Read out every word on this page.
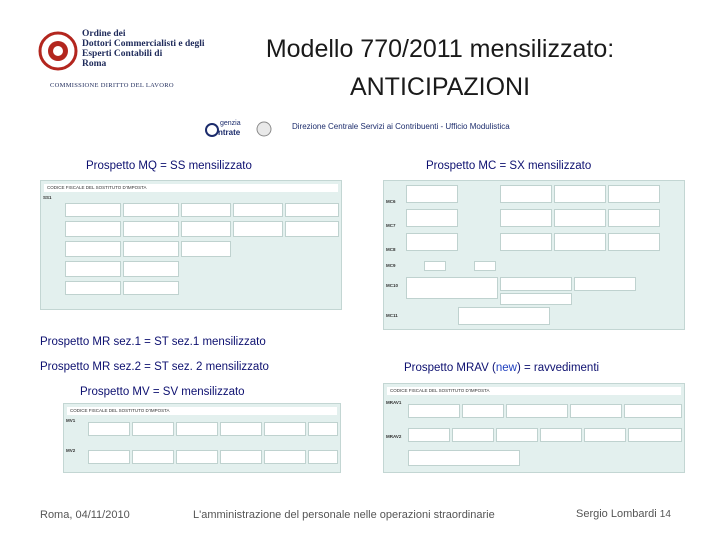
Ordine dei
Dottori Commercialisti e degli
Esperti Contabili di
Roma
COMMISSIONE DIRITTO DEL LAVORO
Modello 770/2011 mensilizzato:
ANTICIPAZIONI
genzia
ntrate
Direzione Centrale Servizi ai Contribuenti - Ufficio Modulistica
Prospetto MQ = SS mensilizzato	Prospetto MC = SX mensilizzato
Prospetto MR sez.1 = ST sez.1 mensilizzato
Prospetto MR sez.2 = ST sez. 2 mensilizzato	Prospetto MRAV (new) = ravvedimenti
Prospetto MV = SV mensilizzato
CODICE FISCALE DEL SOSTITUTO D'IMPOSTA
SS1
MC6
MC7
MC8
MC9
MC10
MC11
CODICE FISCALE DEL SOSTITUTO D'IMPOSTA
MRAV1
MRAV2
CODICE FISCALE DEL SOSTITUTO D'IMPOSTA
MV1
MV2
Roma, 04/11/2010	L'amministrazione del personale nelle operazioni straordinarie	Sergio Lombardi 14
